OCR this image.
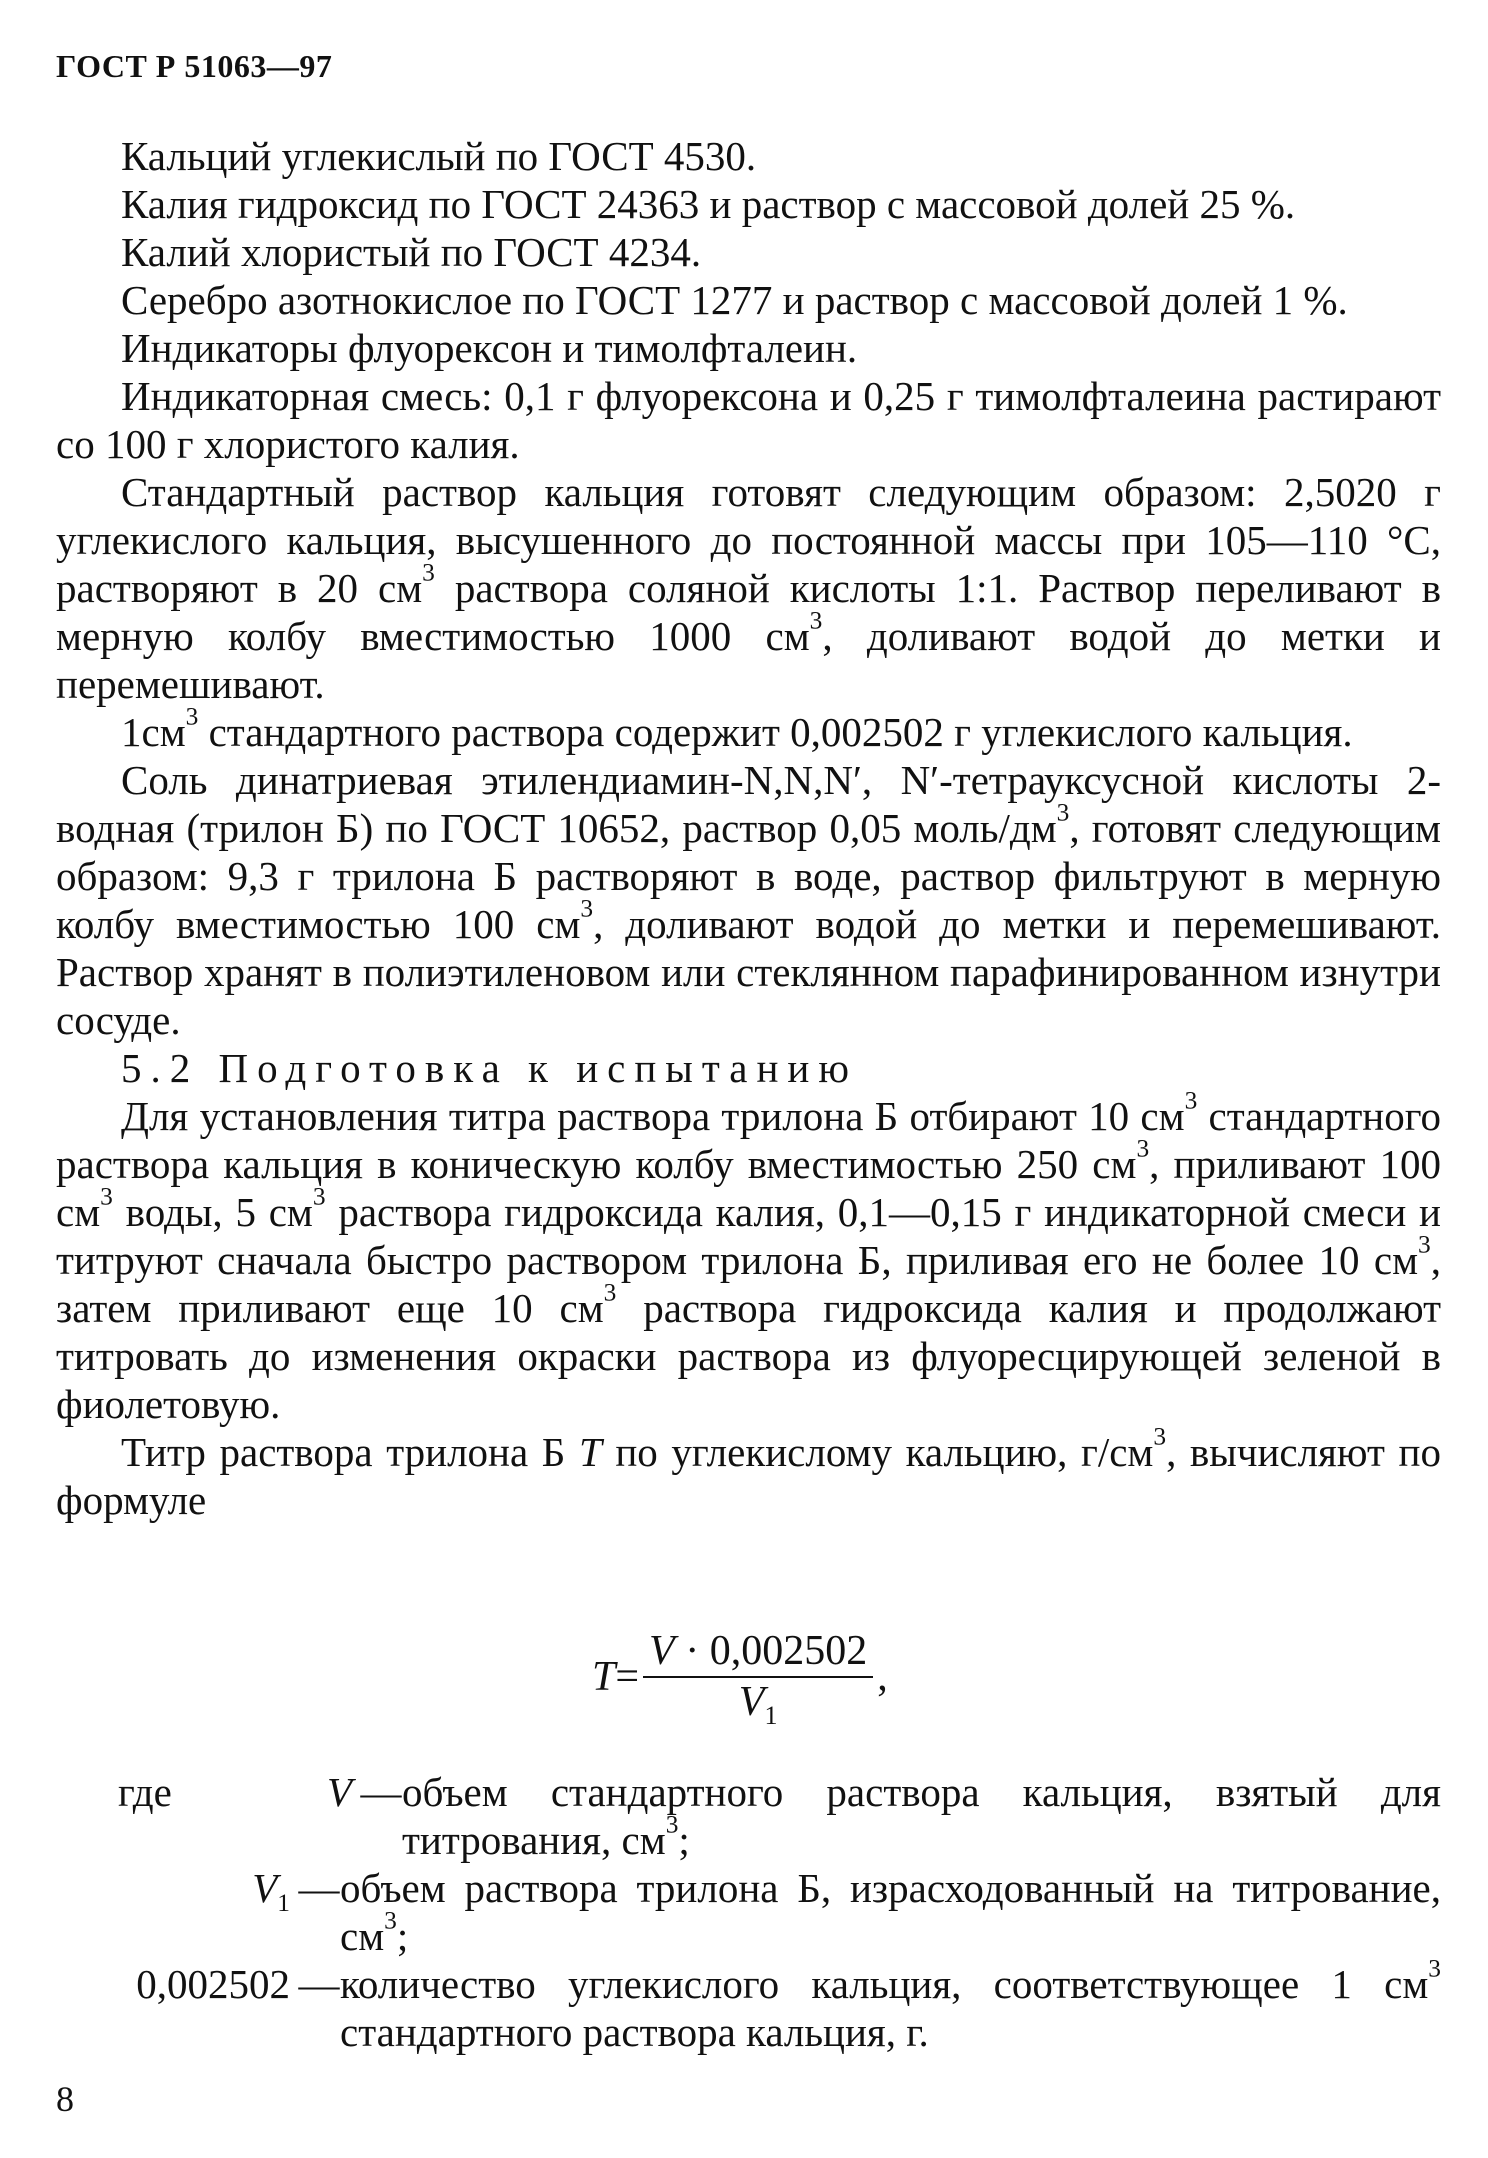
ГОСТ Р 51063—97

Кальций углекислый по ГОСТ 4530.

Калия гидроксид по ГОСТ 24363 и раствор с массовой долей 25 %.

Калий хлористый по ГОСТ 4234.

Серебро азотнокислое по ГОСТ 1277 и раствор с массовой долей 1 %.

Индикаторы флуорексон и тимолфталеин.

Индикаторная смесь: 0,1 г флуорексона и 0,25 г тимолфталеина растирают со 100 г хлористого калия.

Стандартный раствор кальция готовят следующим образом: 2,5020 г углекислого кальция, высушенного до постоянной массы при 105—110 °С, растворяют в 20 $см^3$ раствора соляной кислоты 1:1. Раствор переливают в мерную колбу вместимостью 1000 $см^3$, доливают водой до метки и перемешивают.

$1см^3$ стандартного раствора содержит 0,002502 г углекислого кальция.

Соль динатриевая этилендиамин-N,N,N′, N′-тетрауксусной кислоты 2-водная (трилон Б) по ГОСТ 10652, раствор 0,05 моль/$дм^3$, готовят следующим образом: 9,3 г трилона Б растворяют в воде, раствор фильтруют в мерную колбу вместимостью 100 $см^3$, доливают водой до метки и перемешивают. Раствор хранят в полиэтиленовом или стеклянном парафинированном изнутри сосуде.

5.2 Подготовка к испытанию

Для установления титра раствора трилона Б отбирают 10 $см^3$ стандартного раствора кальция в коническую колбу вместимостью 250 $см^3$, приливают 100 $см^3$ воды, 5 $см^3$ раствора гидроксида калия, 0,1—0,15 г индикаторной смеси и титруют сначала быстро раствором трилона Б, приливая его не более 10 $см^3$, затем приливают еще 10 $см^3$ раствора гидроксида калия и продолжают титровать до изменения окраски раствора из флуоресцирующей зеленой в фиолетовую.

Титр раствора трилона Б T по углекислому кальцию, $г/см^3$, вычисляют по формуле

$T = \frac{V \cdot 0,002502}{V_1}$ ,
где	V — объем стандартного раствора кальция, взятый для титрования, $см^3$;
$V_1$ — объем раствора трилона Б, израсходованный на титрование, $см^3$;
0,002502 — количество углекислого кальция, соответствующее 1 $см^3$ стандартного раствора кальция, г.
8
